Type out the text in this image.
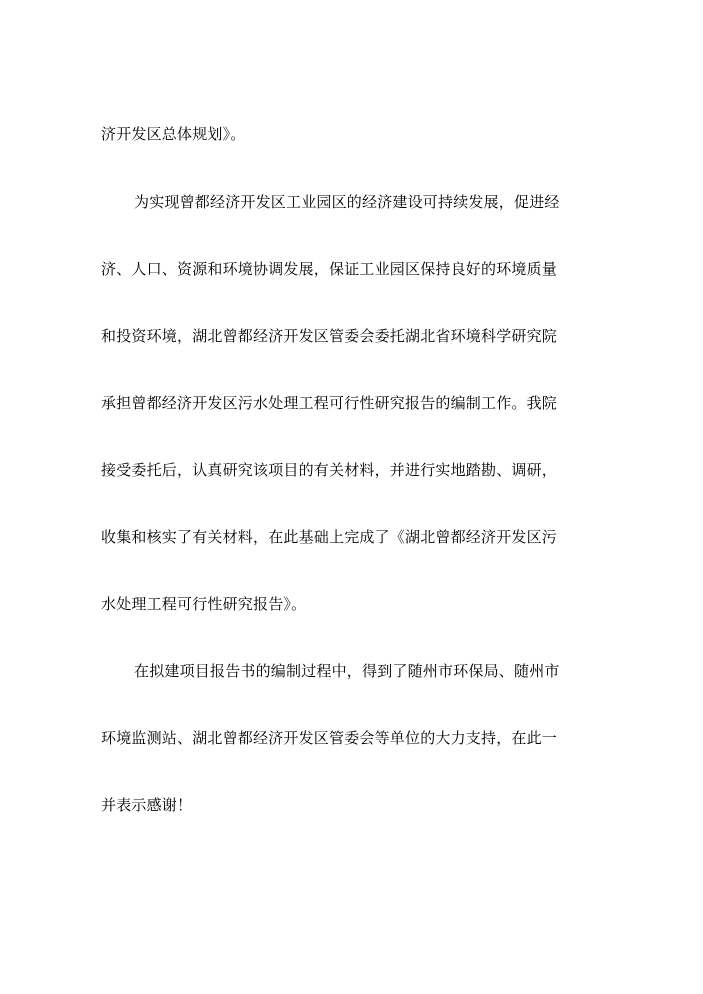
济开发区总体规划》。
为实现曾都经济开发区工业园区的经济建设可持续发展，促进经
济、人口、资源和环境协调发展，保证工业园区保持良好的环境质量
和投资环境，湖北曾都经济开发区管委会委托湖北省环境科学研究院
承担曾都经济开发区污水处理工程可行性研究报告的编制工作。我院
接受委托后，认真研究该项目的有关材料，并进行实地踏勘、调研，
收集和核实了有关材料，在此基础上完成了《湖北曾都经济开发区污
水处理工程可行性研究报告》。
在拟建项目报告书的编制过程中，得到了随州市环保局、随州市
环境监测站、湖北曾都经济开发区管委会等单位的大力支持，在此一
并表示感谢！
